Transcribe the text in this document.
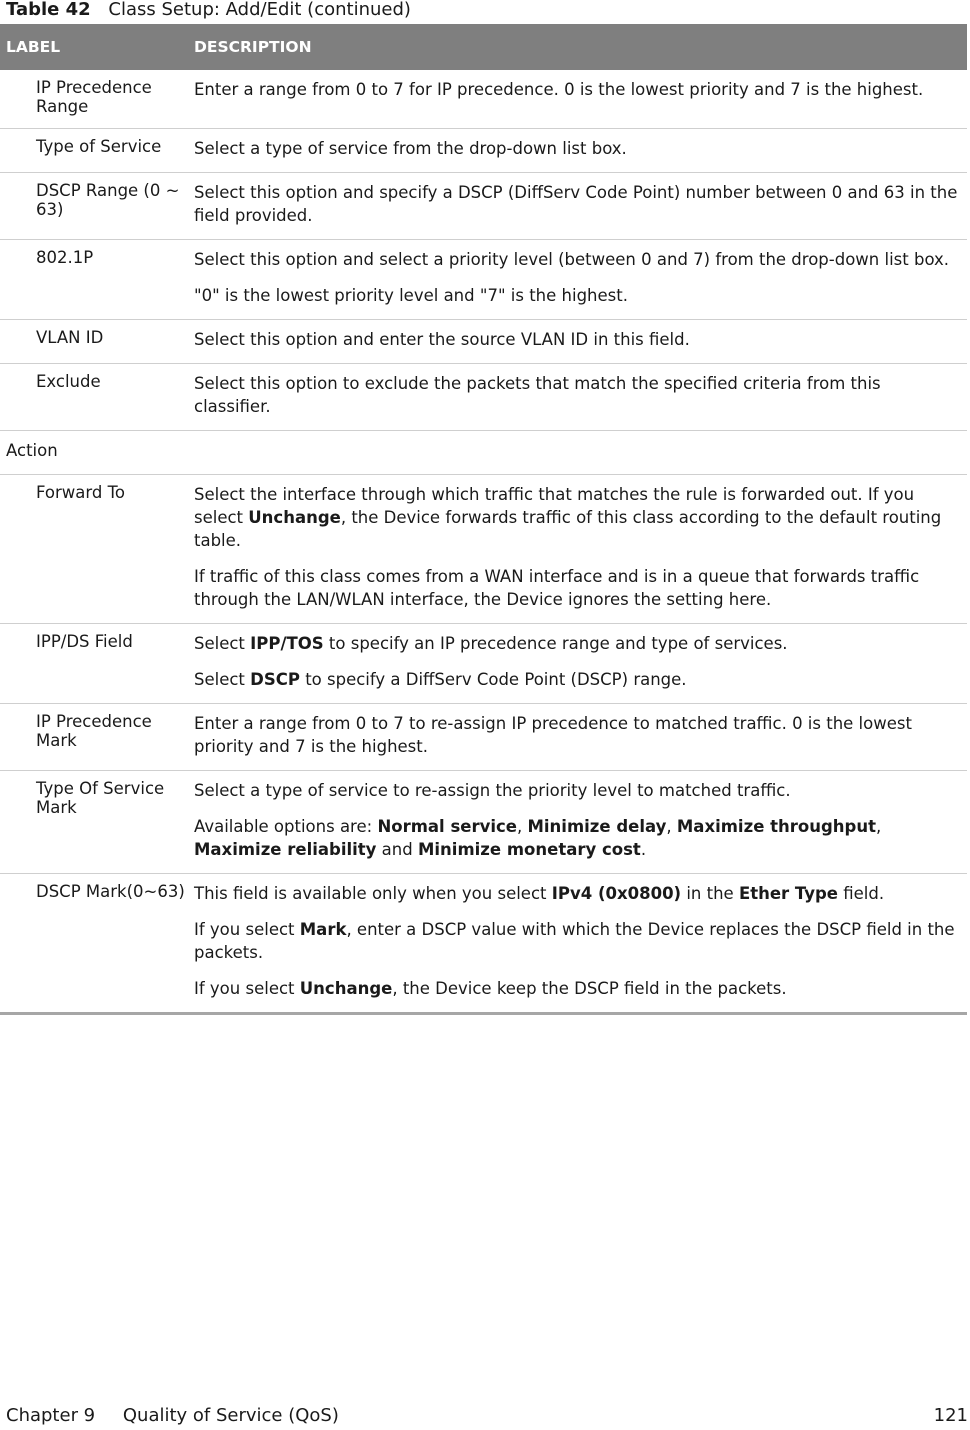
Table 42 Class Setup: Add/Edit (continued)
LABEL	DESCRIPTION
IP Precedence Range	Enter a range from 0 to 7 for IP precedence. 0 is the lowest priority and 7 is the highest.

Type of Service	Select a type of service from the drop-down list box.

DSCP Range (0 ~ 63)	Select this option and specify a DSCP (DiffServ Code Point) number between 0 and 63 in the field provided.

802.1P	Select this option and select a priority level (between 0 and 7) from the drop-down list box.

"0" is the lowest priority level and "7" is the highest.

VLAN ID	Select this option and enter the source VLAN ID in this field.

Exclude	Select this option to exclude the packets that match the specified criteria from this classifier.

Action	
Forward To	Select the interface through which traffic that matches the rule is forwarded out. If you select Unchange, the Device forwards traffic of this class according to the default routing table.

If traffic of this class comes from a WAN interface and is in a queue that forwards traffic through the LAN/WLAN interface, the Device ignores the setting here.

IPP/DS Field	Select IPP/TOS to specify an IP precedence range and type of services.

Select DSCP to specify a DiffServ Code Point (DSCP) range.

IP Precedence Mark	Enter a range from 0 to 7 to re-assign IP precedence to matched traffic. 0 is the lowest priority and 7 is the highest.

Type Of Service Mark	Select a type of service to re-assign the priority level to matched traffic.

Available options are: Normal service, Minimize delay, Maximize throughput, Maximize reliability and Minimize monetary cost.

DSCP Mark(0~63)	This field is available only when you select IPv4 (0x0800) in the Ether Type field.

If you select Mark, enter a DSCP value with which the Device replaces the DSCP field in the packets.

If you select Unchange, the Device keep the DSCP field in the packets.

Chapter 9 Quality of Service (QoS)	121
